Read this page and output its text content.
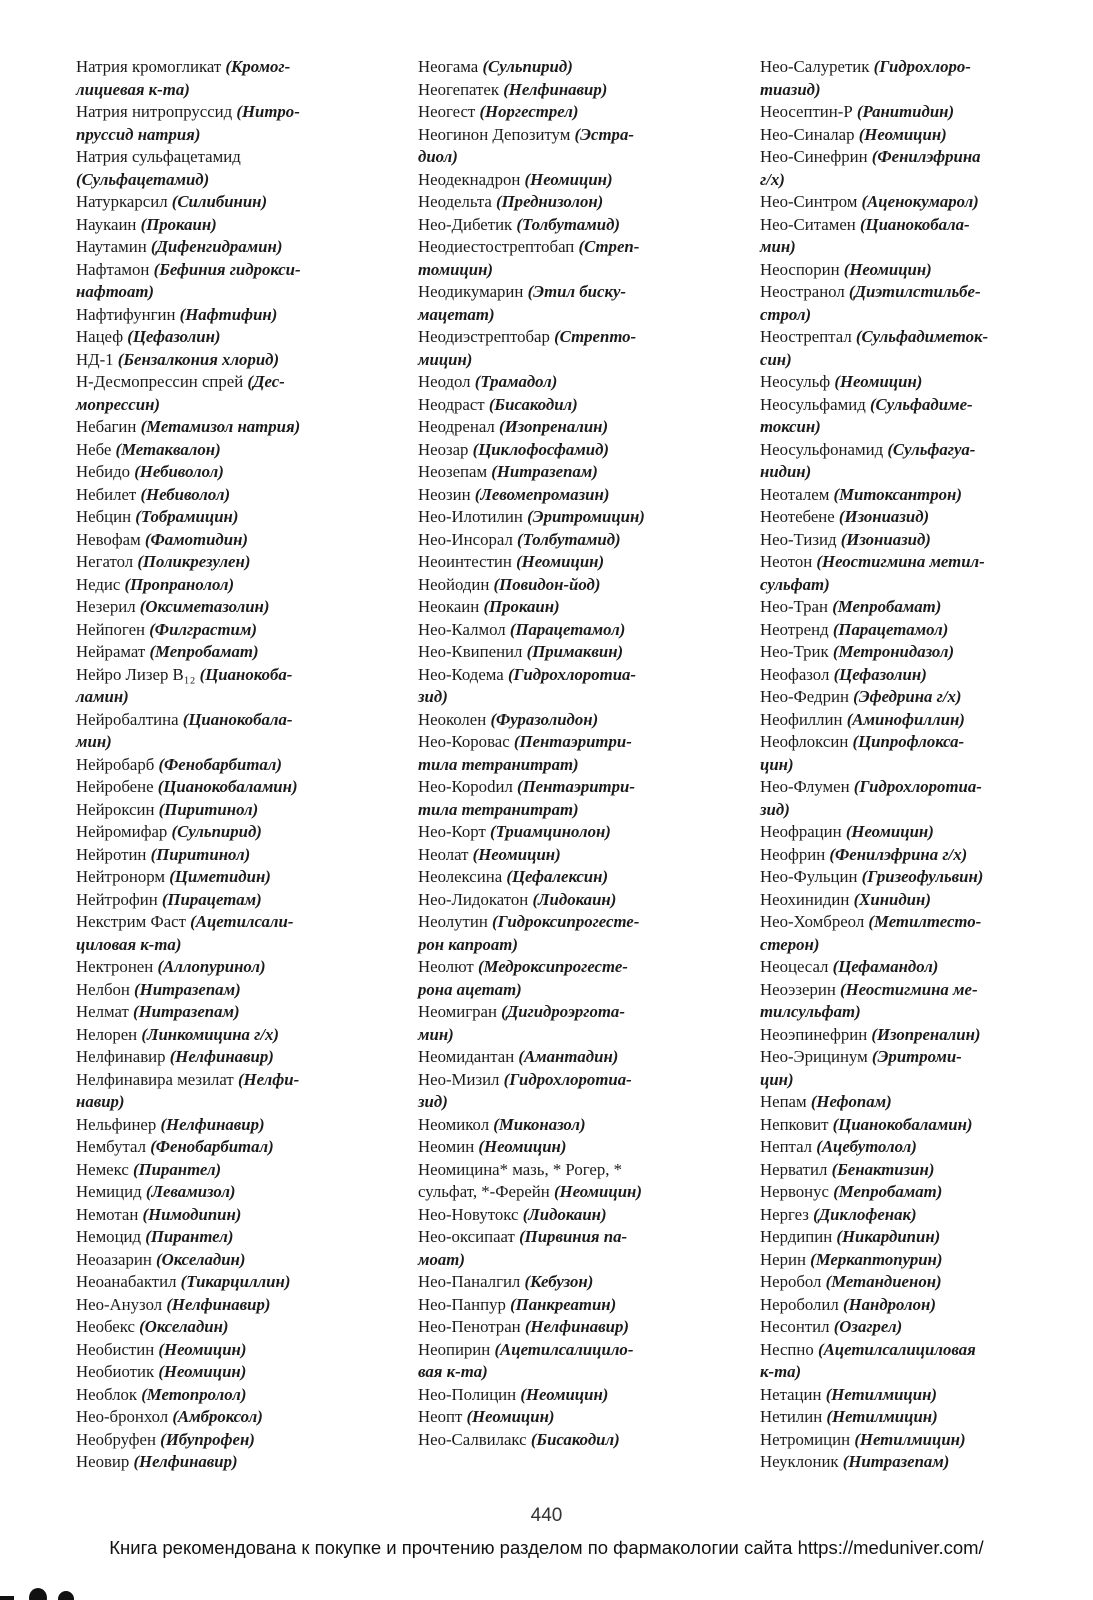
Натрия кромогликат (Кромог-
лициевая к-та)
Натрия нитропруссид (Нитро-
пруссид натрия)
Натрия сульфацетамид
(Сульфацетамид)
Натуркарсил (Силибинин)
Наукаин (Прокаин)
Наутамин (Дифенгидрамин)
Нафтамон (Бефиния гидрокси-
нафтоат)
Нафтифунгин (Нафтифин)
Нацеф (Цефазолин)
НД-1 (Бензалкония хлорид)
Н-Десмопрессин спрей (Дес-
мопрессин)
Небагин (Метамизол натрия)
Небе (Метаквалон)
Небидо (Небиволол)
Небилет (Небиволол)
Небцин (Тобрамицин)
Невофам (Фамотидин)
Негатол (Поликрезулен)
Недис (Пропранолол)
Незерил (Оксиметазолин)
Нейпоген (Филграстим)
Нейрамат (Мепробамат)
Нейро Лизер B₁₂ (Цианокоба-
ламин)
Нейробалтина (Цианокобала-
мин)
Нейробарб (Фенобарбитал)
Нейробене (Цианокобаламин)
Нейроксин (Пиритинол)
Нейромифар (Сульпирид)
Нейротин (Пиритинол)
Нейтронорм (Циметидин)
Нейтрофин (Пирацетам)
Некстрим Фаст (Ацетилсали-
циловая к-та)
Нектронен (Аллопуринол)
Нелбон (Нитразепам)
Нелмат (Нитразепам)
Нелорен (Линкомицина г/х)
Нелфинавир (Нелфинавир)
Нелфинавира мезилат (Нелфи-
навир)
Нельфинер (Нелфинавир)
Нембутал (Фенобарбитал)
Немекс (Пирантел)
Немицид (Левамизол)
Немотан (Нимодипин)
Немоцид (Пирантел)
Неоазарин (Окселадин)
Неоанабактил (Тикарциллин)
Нео-Анузол (Нелфинавир)
Необекс (Окселадин)
Необистин (Неомицин)
Необиотик (Неомицин)
Необлок (Метопролол)
Нео-бронхол (Амброксол)
Необруфен (Ибупрофен)
Неовир (Нелфинавир)
Неогама (Сульпирид)
Неогепатек (Нелфинавир)
Неогест (Норгестрел)
Неогинон Депозитум (Эстра-
диол)
Неодекнадрон (Неомицин)
Неодельта (Преднизолон)
Нео-Дибетик (Толбутамид)
Неодиестострептобап (Стреп-
томицин)
Неодикумарин (Этил биску-
мацетат)
Неодиэстрептобар (Стрепто-
мицин)
Неодол (Трамадол)
Неодраст (Бисакодил)
Неодренал (Изопреналин)
Неозар (Циклофосфамид)
Неозепам (Нитразепам)
Неозин (Левомепромазин)
Нео-Илотилин (Эритромицин)
Нео-Инсорал (Толбутамид)
Неоинтестин (Неомицин)
Неойодин (Повидон-йод)
Неокаин (Прокаин)
Нео-Калмол (Парацетамол)
Нео-Квипенил (Примаквин)
Нео-Кодема (Гидрохлоротиа-
зид)
Неоколен (Фуразолидон)
Нео-Коровас (Пентаэритри-
тила тетранитрат)
Нео-Корodил (Пентаэритри-
тила тетранитрат)
Нео-Корт (Триамцинолон)
Неолат (Неомицин)
Неолексина (Цефалексин)
Нео-Лидокатон (Лидокаин)
Неолутин (Гидроксипрогесте-
рон капроат)
Неолют (Медроксипрогесте-
рона ацетат)
Неомигран (Дигидроэрготa-
мин)
Неомидантан (Амантадин)
Нео-Мизил (Гидрохлоротиа-
зид)
Неомикол (Миконазол)
Неомин (Неомицин)
Неомицина* мазь, * Рогер, *
сульфат, *-Ферейн (Неомицин)
Нео-Новутокс (Лидокаин)
Нео-оксипаат (Пирвиния па-
моат)
Нео-Паналгил (Кебузон)
Нео-Панпур (Панкреатин)
Нео-Пенотран (Нелфинавир)
Неопирин (Ацетилсалицило-
вая к-та)
Нео-Полицин (Неомицин)
Неопт (Неомицин)
Нео-Салвилакс (Бисакодил)
Нео-Салуретик (Гидрохлоро-
тиазид)
Неосептин-Р (Ранитидин)
Нео-Синалар (Неомицин)
Нео-Синефрин (Фенилэфрина
г/х)
Нео-Синтром (Аценокумарол)
Нео-Ситамен (Цианокобала-
мин)
Неоспорин (Неомицин)
Неостранол (Диэтилстильбе-
строл)
Неострептал (Сульфадиметок-
син)
Неосульф (Неомицин)
Неосульфамид (Сульфадиме-
токсин)
Неосульфонамид (Сульфагуа-
нидин)
Неоталем (Митоксантрон)
Неотебене (Изониазид)
Нео-Тизид (Изониазид)
Неотон (Неостигмина метил-
сульфат)
Нео-Тран (Мепробамат)
Неотренд (Парацетамол)
Нео-Трик (Метронидазол)
Неофазол (Цефазолин)
Нео-Федрин (Эфедрина г/х)
Неофиллин (Аминофиллин)
Неофлоксин (Ципрофлокса-
цин)
Нео-Флумен (Гидрохлоротиа-
зид)
Неофрацин (Неомицин)
Неофрин (Фенилэфрина г/х)
Нео-Фульцин (Гризеофульвин)
Неохинидин (Хинидин)
Нео-Хомбреол (Метилтесто-
стерон)
Неоцесал (Цефамандол)
Неоэзерин (Неостигмина ме-
тилсульфат)
Неоэпинефрин (Изопреналин)
Нео-Эрицинум (Эритроми-
цин)
Непам (Нефопам)
Непковит (Цианокобаламин)
Нептал (Ацебутолол)
Нерватил (Бенактизин)
Нервонус (Мепробамат)
Нергез (Диклофенак)
Нердипин (Никардипин)
Нерин (Меркаптопурин)
Неробол (Метандиенон)
Нероболил (Нандролон)
Несонтил (Озагрел)
Неспно (Ацетилсалициловая
к-та)
Нетацин (Нетилмицин)
Нетилин (Нетилмицин)
Нетромицин (Нетилмицин)
Неуклоник (Нитразепам)
440
Книга рекомендована к покупке и прочтению разделом по фармакологии сайта https://meduniver.com/
